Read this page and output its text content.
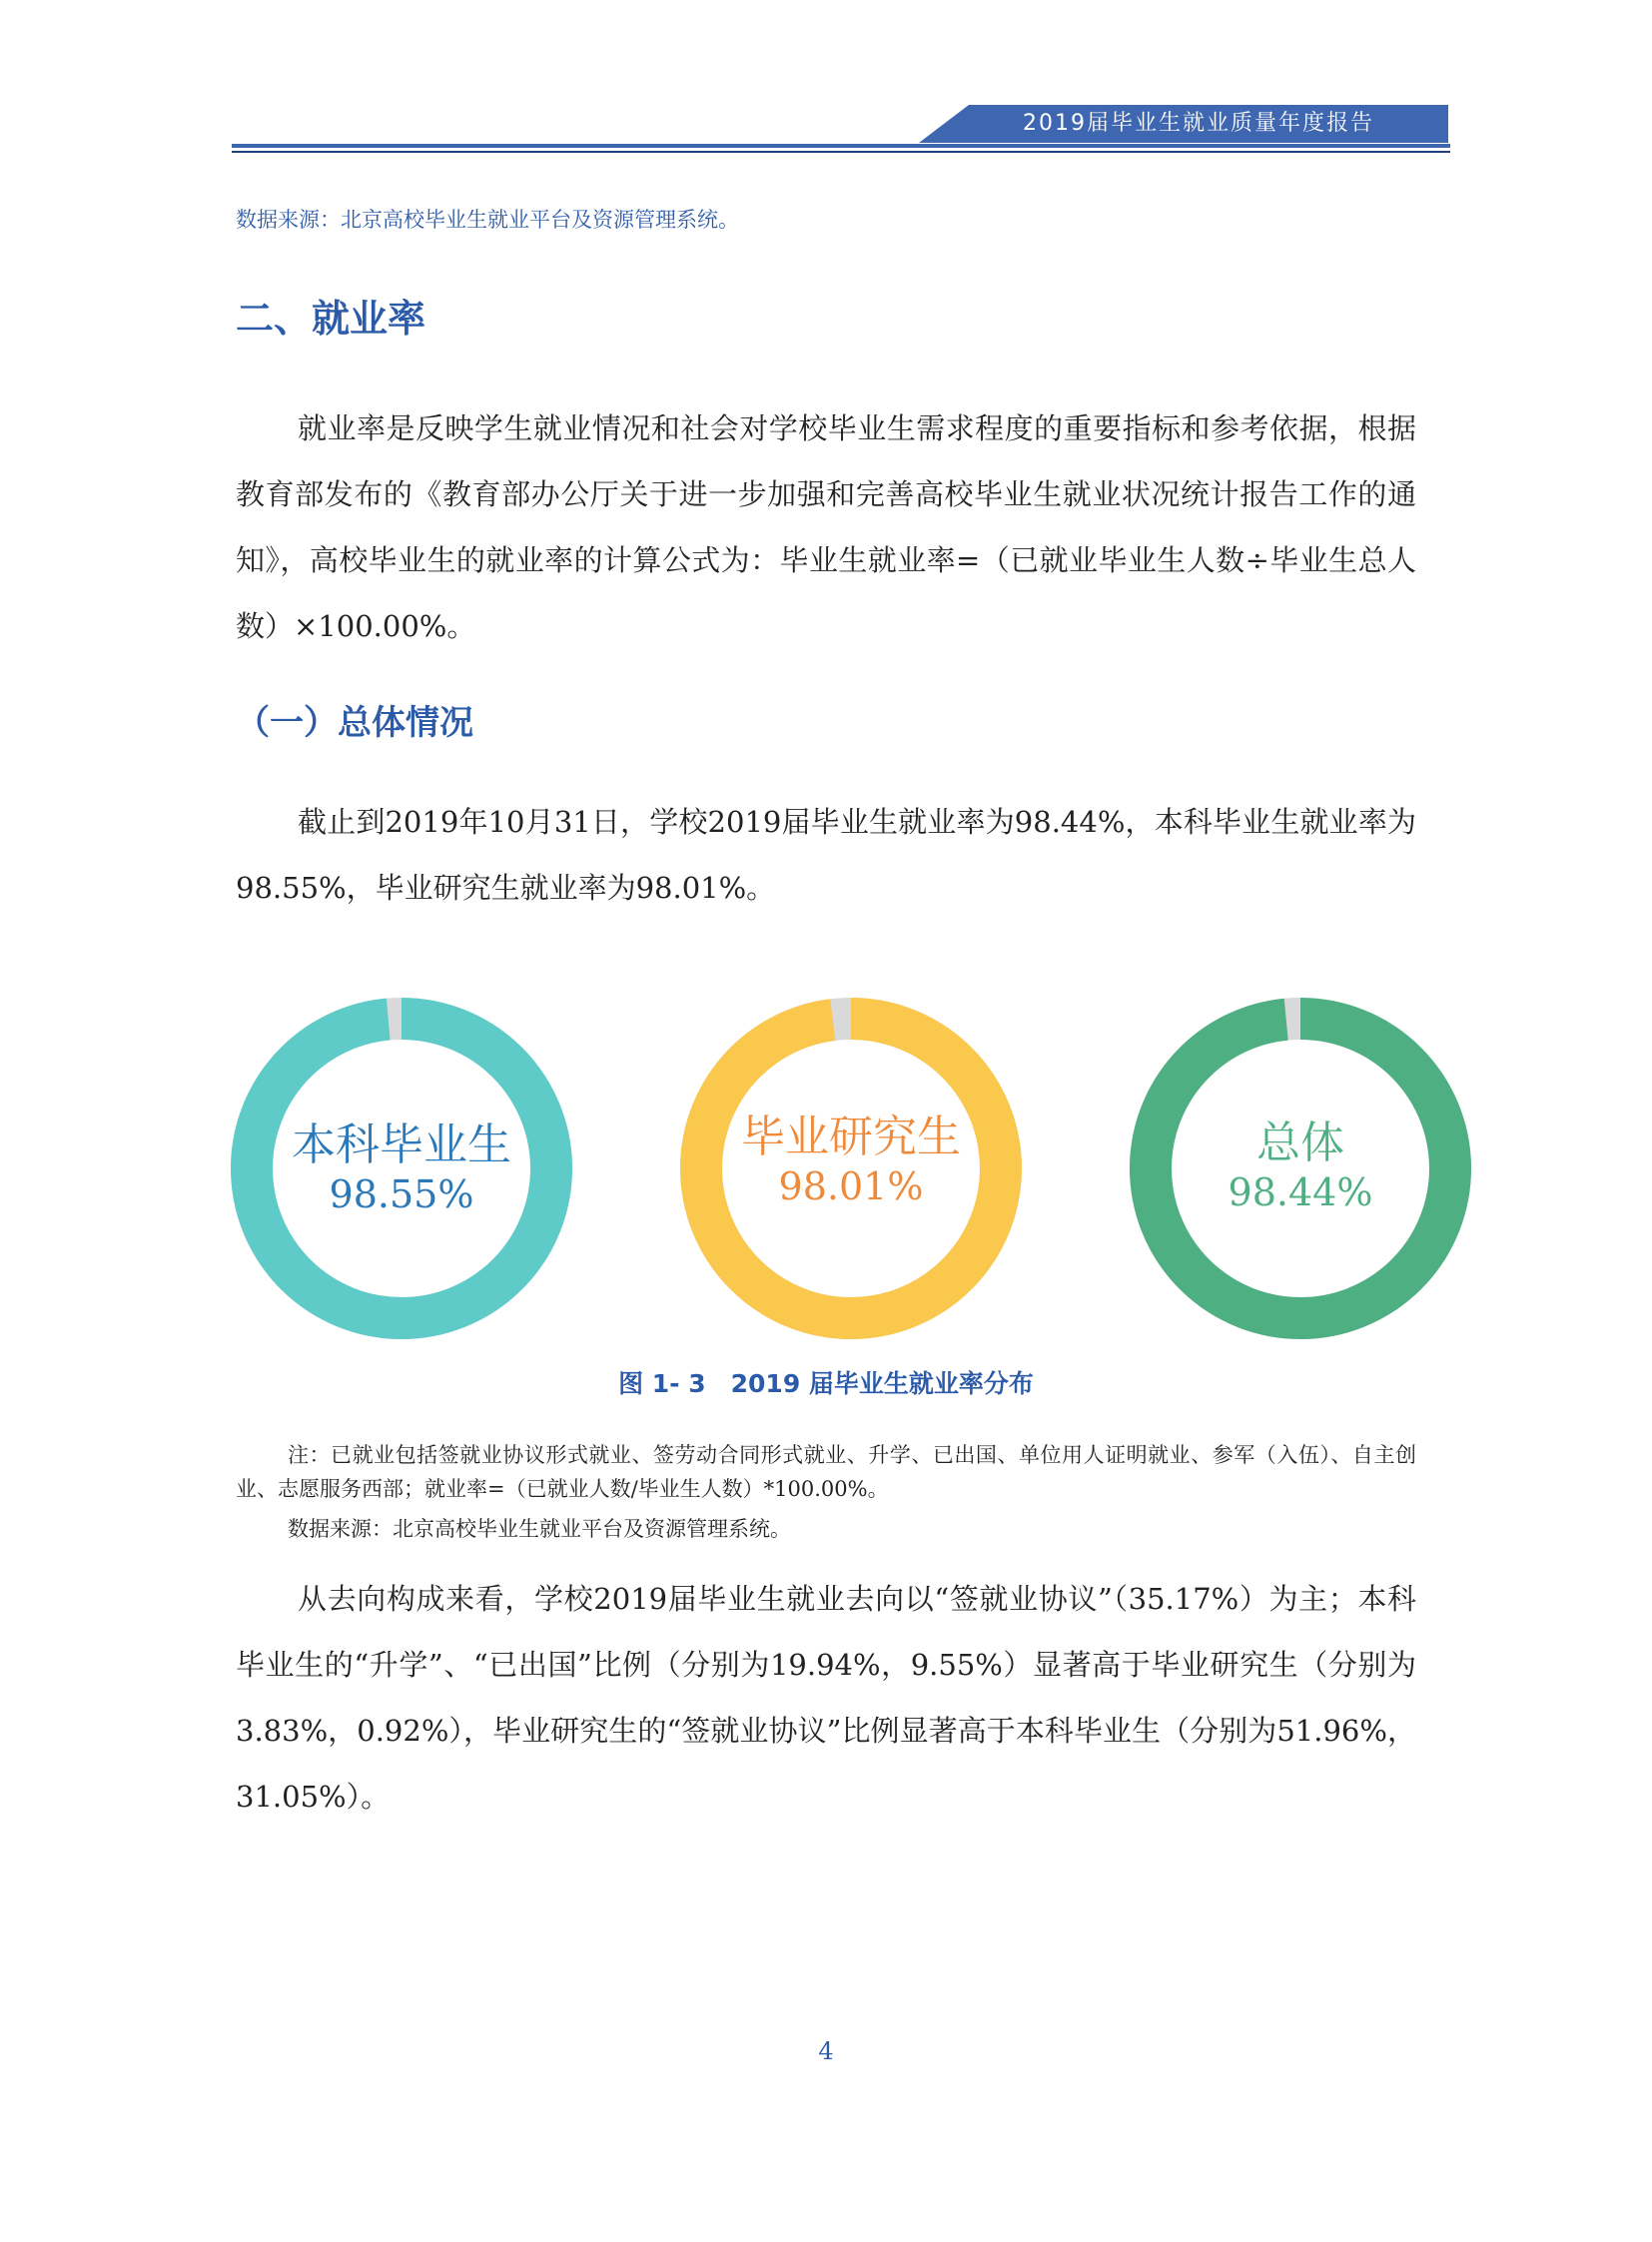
2019届毕业生就业质量年度报告
数据来源：北京高校毕业生就业平台及资源管理系统。
二、就业率

就业率是反映学生就业情况和社会对学校毕业生需求程度的重要指标和参考依据，根据教育部发布的《教育部办公厅关于进一步加强和完善高校毕业生就业状况统计报告工作的通知》，高校毕业生的就业率的计算公式为：毕业生就业率=（已就业毕业生人数÷毕业生总人数）×100.00%。

（一）总体情况

截止到2019年10月31日，学校2019届毕业生就业率为98.44%，本科毕业生就业率为98.55%，毕业研究生就业率为98.01%。

本科毕业生
98.55%
毕业研究生
98.01%
总体
98.44%
图 1- 3　2019 届毕业生就业率分布

注：已就业包括签就业协议形式就业、签劳动合同形式就业、升学、已出国、单位用人证明就业、参军（入伍）、自主创业、志愿服务西部；就业率=（已就业人数/毕业生人数）*100.00%。

数据来源：北京高校毕业生就业平台及资源管理系统。

从去向构成来看，学校2019届毕业生就业去向以“签就业协议”（35.17%）为主；本科毕业生的“升学”、“已出国”比例（分别为19.94%，9.55%）显著高于毕业研究生（分别为3.83%，0.92%），毕业研究生的“签就业协议”比例显著高于本科毕业生（分别为51.96%，31.05%）。

4
